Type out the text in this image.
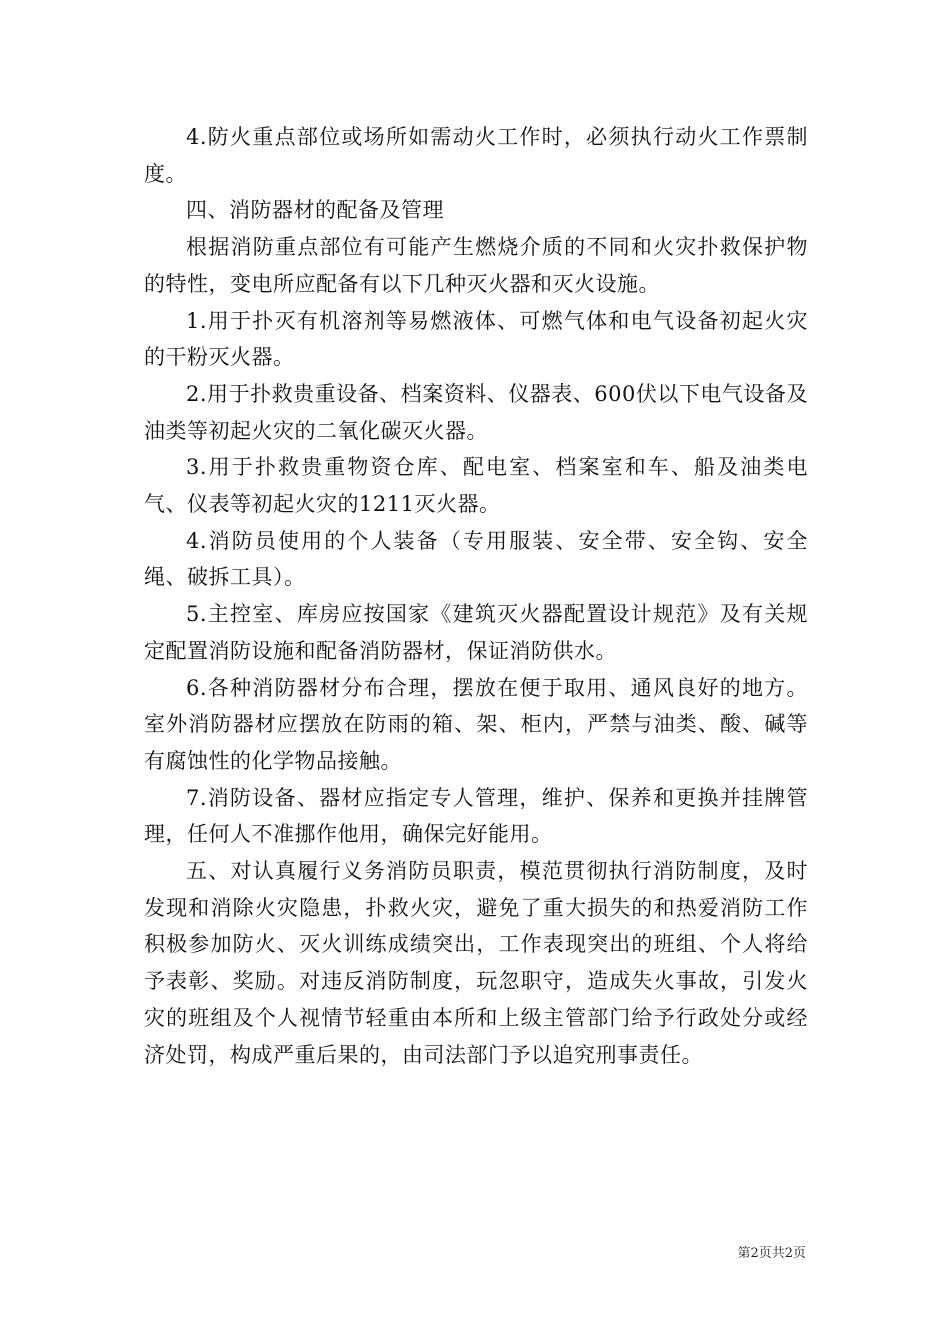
4.防火重点部位或场所如需动火工作时，必须执行动火工作票制度。

四、消防器材的配备及管理

根据消防重点部位有可能产生燃烧介质的不同和火灾扑救保护物的特性，变电所应配备有以下几种灭火器和灭火设施。

1.用于扑灭有机溶剂等易燃液体、可燃气体和电气设备初起火灾的干粉灭火器。

2.用于扑救贵重设备、档案资料、仪器表、600伏以下电气设备及油类等初起火灾的二氧化碳灭火器。

3.用于扑救贵重物资仓库、配电室、档案室和车、船及油类电气、仪表等初起火灾的1211灭火器。

4.消防员使用的个人装备（专用服装、安全带、安全钩、安全绳、破拆工具）。

5.主控室、库房应按国家《建筑灭火器配置设计规范》及有关规定配置消防设施和配备消防器材，保证消防供水。

6.各种消防器材分布合理，摆放在便于取用、通风良好的地方。室外消防器材应摆放在防雨的箱、架、柜内，严禁与油类、酸、碱等有腐蚀性的化学物品接触。

7.消防设备、器材应指定专人管理，维护、保养和更换并挂牌管理，任何人不准挪作他用，确保完好能用。

五、对认真履行义务消防员职责，模范贯彻执行消防制度，及时发现和消除火灾隐患，扑救火灾，避免了重大损失的和热爱消防工作积极参加防火、灭火训练成绩突出，工作表现突出的班组、个人将给予表彰、奖励。对违反消防制度，玩忽职守，造成失火事故，引发火灾的班组及个人视情节轻重由本所和上级主管部门给予行政处分或经济处罚，构成严重后果的，由司法部门予以追究刑事责任。

第2页共2页
